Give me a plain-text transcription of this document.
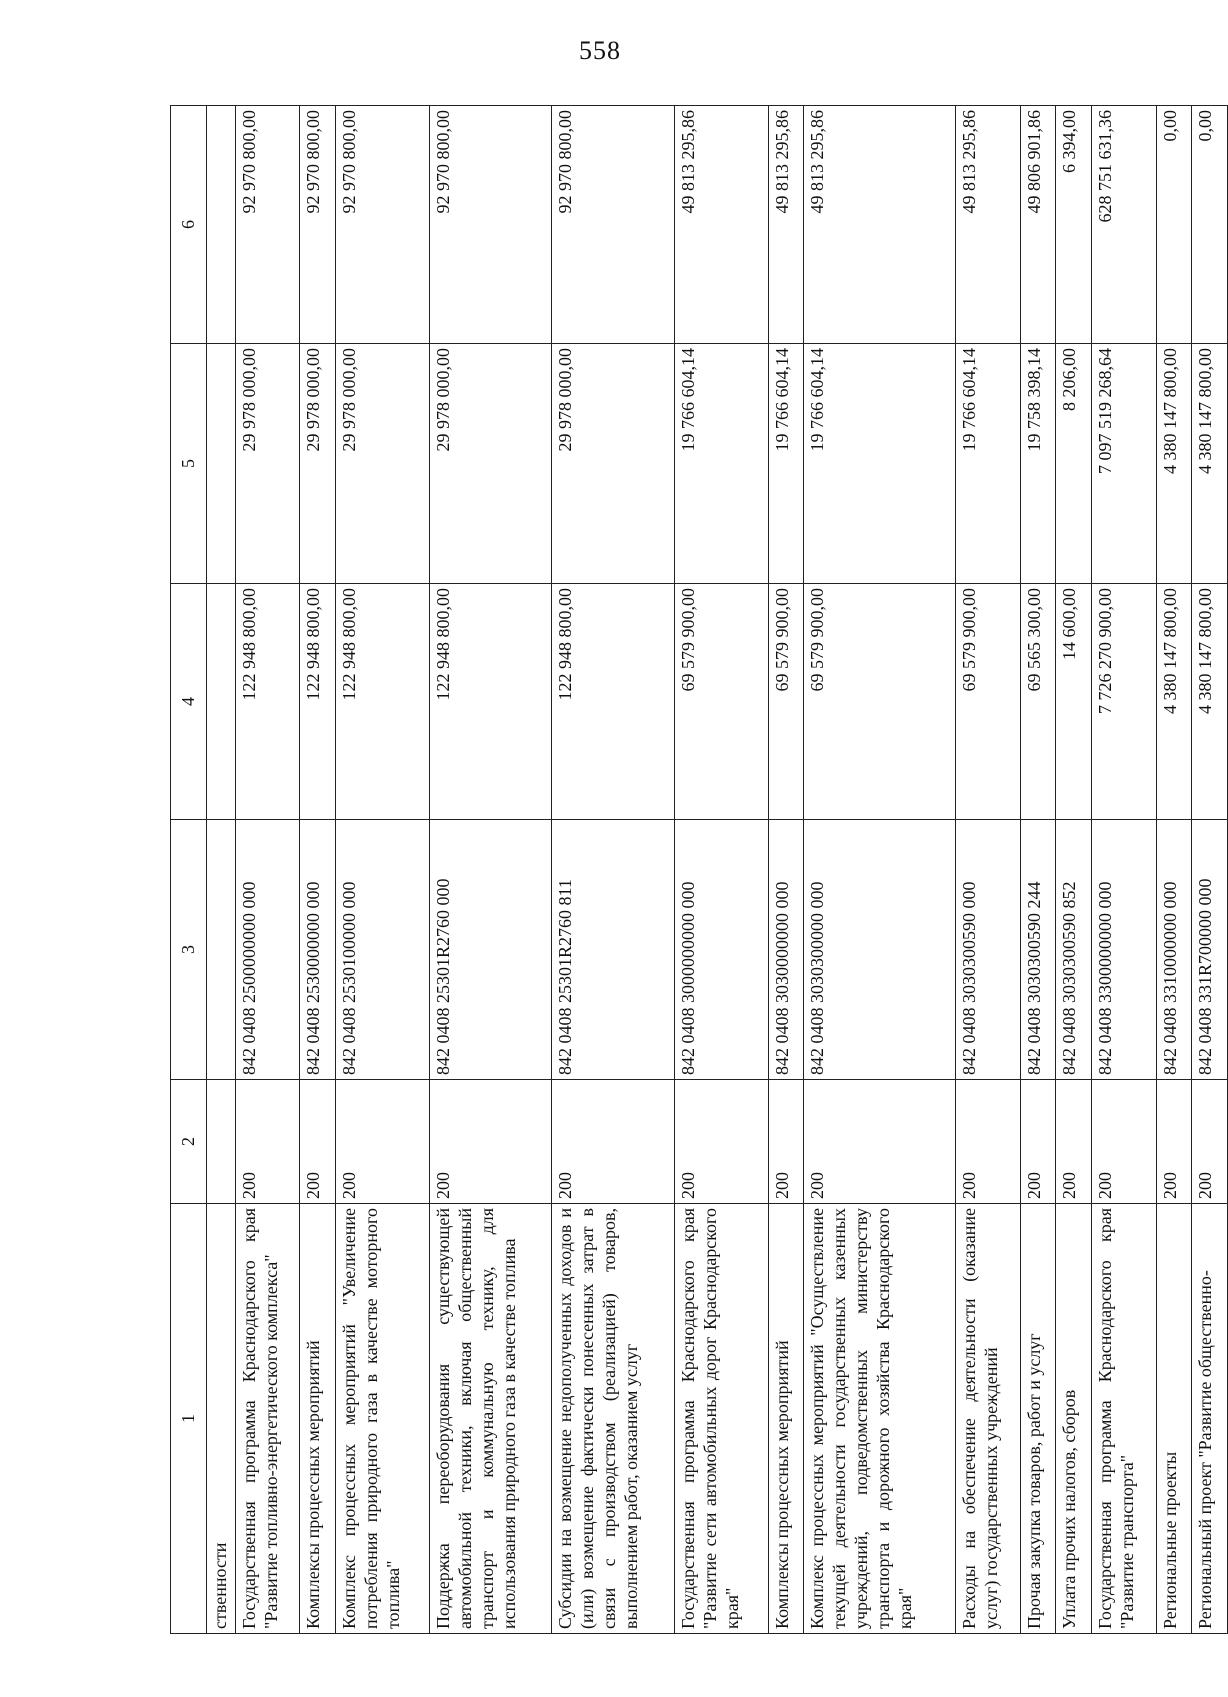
558
1	2	3	4	5	6
ственности					
Государственная программа Краснодарского края "Развитие топливно-энергетического комплекса"	200	842 0408 2500000000 000	122 948 800,00	29 978 000,00	92 970 800,00
Комплексы процессных мероприятий	200	842 0408 2530000000 000	122 948 800,00	29 978 000,00	92 970 800,00
Комплекс процессных мероприятий "Увеличение потребления природного газа в качестве моторного топлива"	200	842 0408 2530100000 000	122 948 800,00	29 978 000,00	92 970 800,00
Поддержка переоборудования существующей автомобильной техники, включая общественный транспорт и коммунальную технику, для использования природного газа в качестве топлива	200	842 0408 25301R2760 000	122 948 800,00	29 978 000,00	92 970 800,00
Субсидии на возмещение недополученных доходов и (или) возмещение фактически понесенных затрат в связи с производством (реализацией) товаров, выполнением работ, оказанием услуг	200	842 0408 25301R2760 811	122 948 800,00	29 978 000,00	92 970 800,00
Государственная программа Краснодарского края "Развитие сети автомобильных дорог Краснодарского края"	200	842 0408 3000000000 000	69 579 900,00	19 766 604,14	49 813 295,86
Комплексы процессных мероприятий	200	842 0408 3030000000 000	69 579 900,00	19 766 604,14	49 813 295,86
Комплекс процессных мероприятий "Осуществление текущей деятельности государственных казенных учреждений, подведомственных министерству транспорта и дорожного хозяйства Краснодарского края"	200	842 0408 3030300000 000	69 579 900,00	19 766 604,14	49 813 295,86
Расходы на обеспечение деятельности (оказание услуг) государственных учреждений	200	842 0408 3030300590 000	69 579 900,00	19 766 604,14	49 813 295,86
Прочая закупка товаров, работ и услуг	200	842 0408 3030300590 244	69 565 300,00	19 758 398,14	49 806 901,86
Уплата прочих налогов, сборов	200	842 0408 3030300590 852	14 600,00	8 206,00	6 394,00
Государственная программа Краснодарского края "Развитие транспорта"	200	842 0408 3300000000 000	7 726 270 900,00	7 097 519 268,64	628 751 631,36
Региональные проекты	200	842 0408 3310000000 000	4 380 147 800,00	4 380 147 800,00	0,00
Региональный проект "Развитие общественно-	200	842 0408 331R700000 000	4 380 147 800,00	4 380 147 800,00	0,00
